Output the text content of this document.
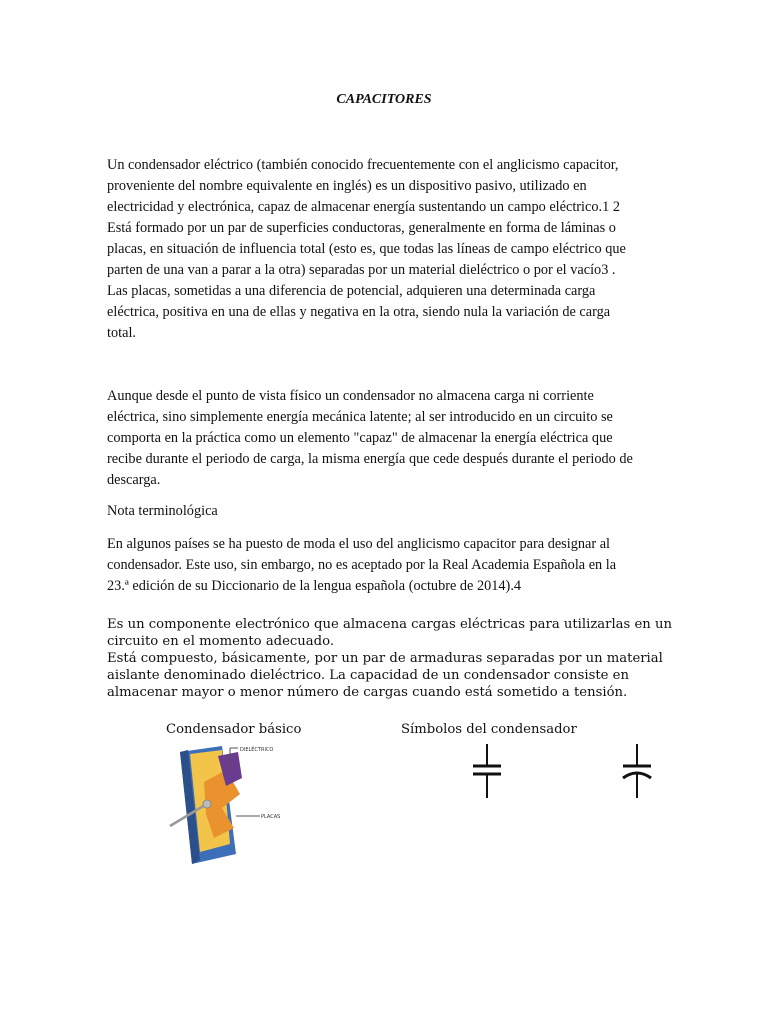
CAPACITORES
Un condensador eléctrico (también conocido frecuentemente con el anglicismo capacitor,
proveniente del nombre equivalente en inglés) es un dispositivo pasivo, utilizado en
electricidad y electrónica, capaz de almacenar energía sustentando un campo eléctrico.1 2
Está formado por un par de superficies conductoras, generalmente en forma de láminas o
placas, en situación de influencia total (esto es, que todas las líneas de campo eléctrico que
parten de una van a parar a la otra) separadas por un material dieléctrico o por el vacío3 .
Las placas, sometidas a una diferencia de potencial, adquieren una determinada carga
eléctrica, positiva en una de ellas y negativa en la otra, siendo nula la variación de carga
total.
Aunque desde el punto de vista físico un condensador no almacena carga ni corriente
eléctrica, sino simplemente energía mecánica latente; al ser introducido en un circuito se
comporta en la práctica como un elemento "capaz" de almacenar la energía eléctrica que
recibe durante el periodo de carga, la misma energía que cede después durante el periodo de
descarga.
Nota terminológica
En algunos países se ha puesto de moda el uso del anglicismo capacitor para designar al
condensador. Este uso, sin embargo, no es aceptado por la Real Academia Española en la
23.ª edición de su Diccionario de la lengua española (octubre de 2014).4
Es un componente electrónico que almacena cargas eléctricas para utilizarlas en un
circuito en el momento adecuado.
Está compuesto, básicamente, por un par de armaduras separadas por un material
aislante denominado dieléctrico. La capacidad de un condensador consiste en
almacenar mayor o menor número de cargas cuando está sometido a tensión.
Condensador básico	Símbolos del condensador
DIELÉCTRICO
PLACAS
